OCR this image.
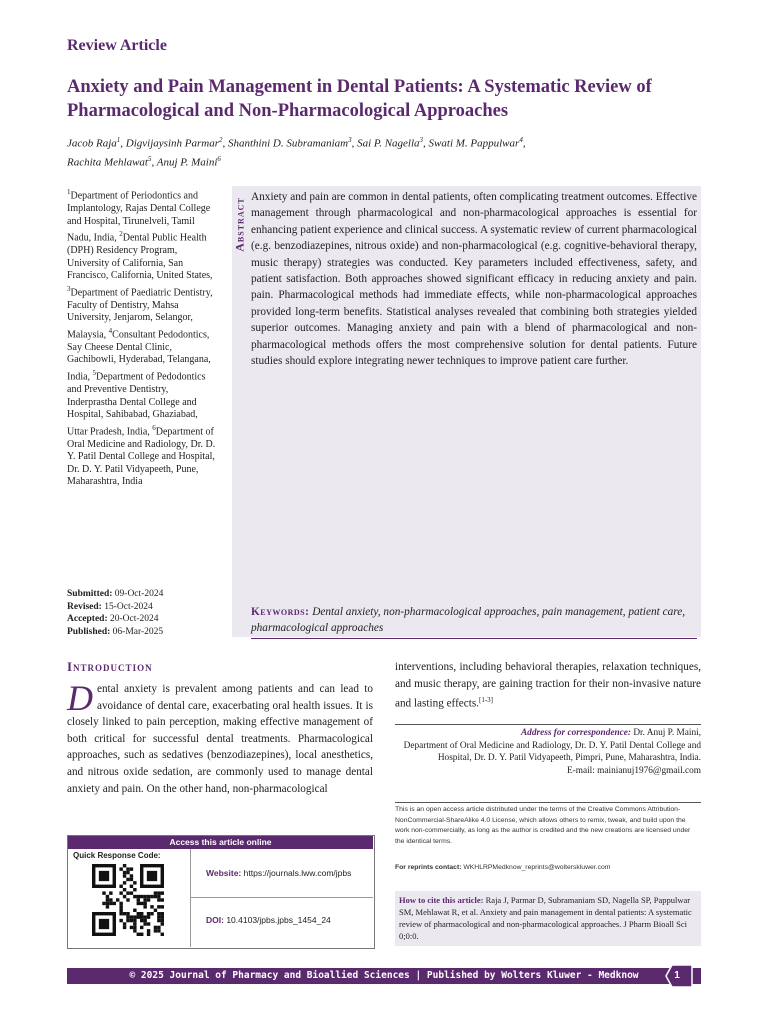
Review Article
Anxiety and Pain Management in Dental Patients: A Systematic Review of Pharmacological and Non-Pharmacological Approaches
Jacob Raja$^1$, Digvijaysinh Parmar$^2$, Shanthini D. Subramaniam$^3$, Sai P. Nagella$^3$, Swati M. Pappulwar$^4$,
Rachita Mehlawat$^5$, Anuj P. Maini$^6$
$^1$Department of Periodontics and Implantology, Rajas Dental College and Hospital, Tirunelveli, Tamil Nadu, India, $^2$Dental Public Health (DPH) Residency Program, University of California, San Francisco, California, United States, $^3$Department of Paediatric Dentistry, Faculty of Dentistry, Mahsa University, Jenjarom, Selangor, Malaysia, $^4$Consultant Pedodontics, Say Cheese Dental Clinic, Gachibowli, Hyderabad, Telangana, India, $^5$Department of Pedodontics and Preventive Dentistry, Inderprastha Dental College and Hospital, Sahibabad, Ghaziabad, Uttar Pradesh, India, $^6$Department of Oral Medicine and Radiology, Dr. D. Y. Patil Dental College and Hospital, Dr. D. Y. Patil Vidyapeeth, Pune, Maharashtra, India
Submitted: 09-Oct-2024
Revised: 15-Oct-2024
Accepted: 20-Oct-2024
Published: 06-Mar-2025
Abstract
Anxiety and pain are common in dental patients, often complicating treatment outcomes. Effective management through pharmacological and non-pharmacological approaches is essential for enhancing patient experience and clinical success. A systematic review of current pharmacological (e.g. benzodiazepines, nitrous oxide) and non-pharmacological (e.g. cognitive-behavioral therapy, music therapy) strategies was conducted. Key parameters included effectiveness, safety, and patient satisfaction. Both approaches showed significant efficacy in reducing anxiety and pain. pain. Pharmacological methods had immediate effects, while non-pharmacological approaches provided long-term benefits. Statistical analyses revealed that combining both strategies yielded superior outcomes. Managing anxiety and pain with a blend of pharmacological and non-pharmacological methods offers the most comprehensive solution for dental patients. Future studies should explore integrating newer techniques to improve patient care further.
Keywords: Dental anxiety, non-pharmacological approaches, pain management, patient care, pharmacological approaches
Introduction
Dental anxiety is prevalent among patients and can lead to avoidance of dental care, exacerbating oral health issues. It is closely linked to pain perception, making effective management of both critical for successful dental treatments. Pharmacological approaches, such as sedatives (benzodiazepines), local anesthetics, and nitrous oxide sedation, are commonly used to manage dental anxiety and pain. On the other hand, non-pharmacological
interventions, including behavioral therapies, relaxation techniques, and music therapy, are gaining traction for their non-invasive nature and lasting effects.[1-3]
Address for correspondence: Dr. Anuj P. Maini,
Department of Oral Medicine and Radiology, Dr. D. Y. Patil Dental College and Hospital, Dr. D. Y. Patil Vidyapeeth, Pimpri, Pune, Maharashtra, India.
E-mail: mainianuj1976@gmail.com
This is an open access article distributed under the terms of the Creative Commons Attribution-NonCommercial-ShareAlike 4.0 License, which allows others to remix, tweak, and build upon the work non-commercially, as long as the author is credited and the new creations are licensed under the identical terms.
For reprints contact: WKHLRPMedknow_reprints@wolterskluwer.com
How to cite this article: Raja J, Parmar D, Subramaniam SD, Nagella SP, Pappulwar SM, Mehlawat R, et al. Anxiety and pain management in dental patients: A systematic review of pharmacological and non-pharmacological approaches. J Pharm Bioall Sci 0;0:0.
Access this article online
Quick Response Code:
Website: https://journals.lww.com/jpbs
DOI: 10.4103/jpbs.jpbs_1454_24
© 2025 Journal of Pharmacy and Bioallied Sciences | Published by Wolters Kluwer - Medknow	1
